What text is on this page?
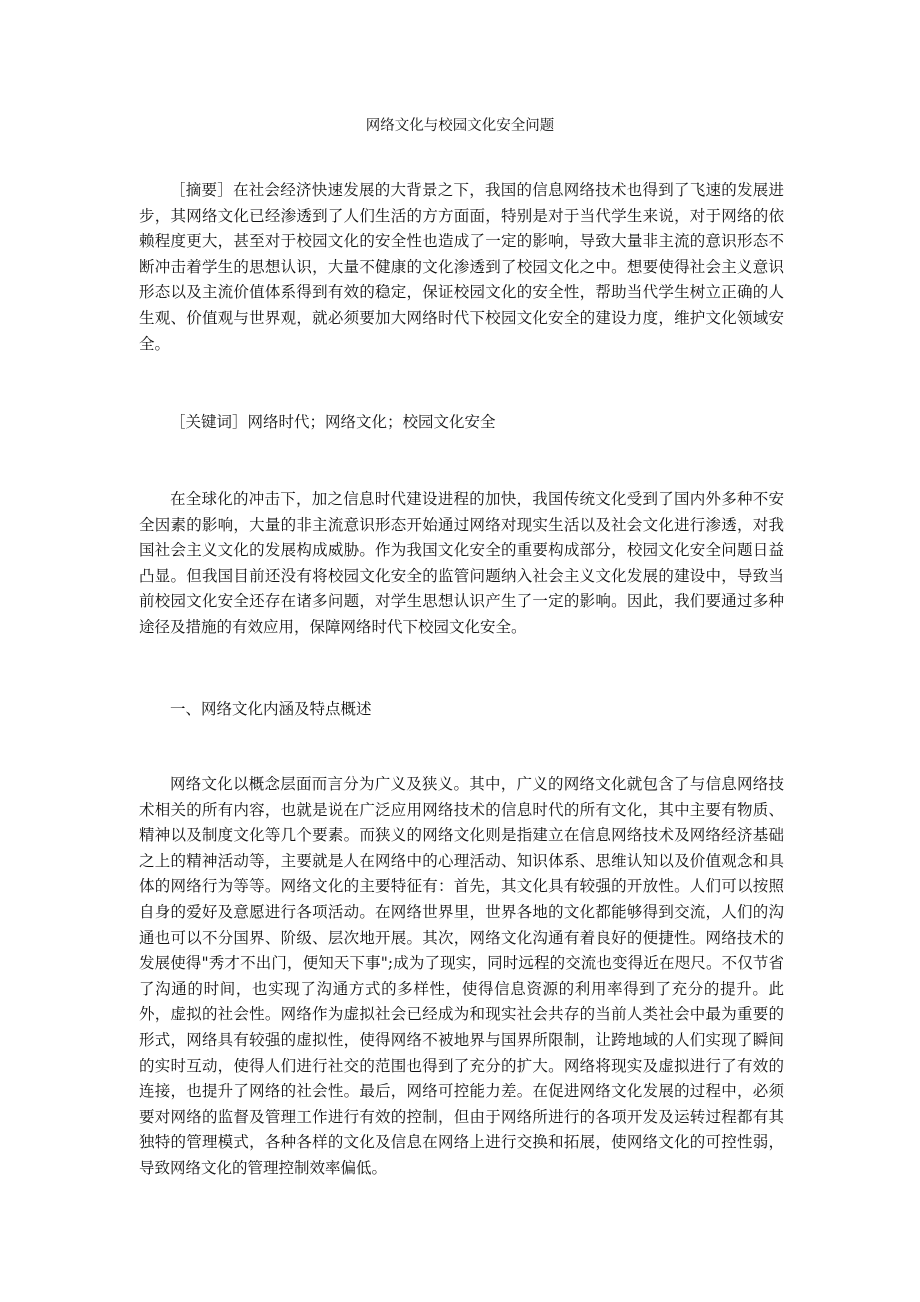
网络文化与校园文化安全问题

［摘要］在社会经济快速发展的大背景之下，我国的信息网络技术也得到了飞速的发展进步，其网络文化已经渗透到了人们生活的方方面面，特别是对于当代学生来说，对于网络的依赖程度更大，甚至对于校园文化的安全性也造成了一定的影响，导致大量非主流的意识形态不断冲击着学生的思想认识，大量不健康的文化渗透到了校园文化之中。想要使得社会主义意识形态以及主流价值体系得到有效的稳定，保证校园文化的安全性，帮助当代学生树立正确的人生观、价值观与世界观，就必须要加大网络时代下校园文化安全的建设力度，维护文化领域安全。

［关键词］网络时代；网络文化；校园文化安全

在全球化的冲击下，加之信息时代建设进程的加快，我国传统文化受到了国内外多种不安全因素的影响，大量的非主流意识形态开始通过网络对现实生活以及社会文化进行渗透，对我国社会主义文化的发展构成威胁。作为我国文化安全的重要构成部分，校园文化安全问题日益凸显。但我国目前还没有将校园文化安全的监管问题纳入社会主义文化发展的建设中，导致当前校园文化安全还存在诸多问题，对学生思想认识产生了一定的影响。因此，我们要通过多种途径及措施的有效应用，保障网络时代下校园文化安全。

一、网络文化内涵及特点概述

网络文化以概念层面而言分为广义及狭义。其中，广义的网络文化就包含了与信息网络技术相关的所有内容，也就是说在广泛应用网络技术的信息时代的所有文化，其中主要有物质、精神以及制度文化等几个要素。而狭义的网络文化则是指建立在信息网络技术及网络经济基础之上的精神活动等，主要就是人在网络中的心理活动、知识体系、思维认知以及价值观念和具体的网络行为等等。网络文化的主要特征有：首先，其文化具有较强的开放性。人们可以按照自身的爱好及意愿进行各项活动。在网络世界里，世界各地的文化都能够得到交流，人们的沟通也可以不分国界、阶级、层次地开展。其次，网络文化沟通有着良好的便捷性。网络技术的发展使得"秀才不出门，便知天下事";成为了现实，同时远程的交流也变得近在咫尺。不仅节省了沟通的时间，也实现了沟通方式的多样性，使得信息资源的利用率得到了充分的提升。此外，虚拟的社会性。网络作为虚拟社会已经成为和现实社会共存的当前人类社会中最为重要的形式，网络具有较强的虚拟性，使得网络不被地界与国界所限制，让跨地域的人们实现了瞬间的实时互动，使得人们进行社交的范围也得到了充分的扩大。网络将现实及虚拟进行了有效的连接，也提升了网络的社会性。最后，网络可控能力差。在促进网络文化发展的过程中，必须要对网络的监督及管理工作进行有效的控制，但由于网络所进行的各项开发及运转过程都有其独特的管理模式，各种各样的文化及信息在网络上进行交换和拓展，使网络文化的可控性弱，导致网络文化的管理控制效率偏低。
